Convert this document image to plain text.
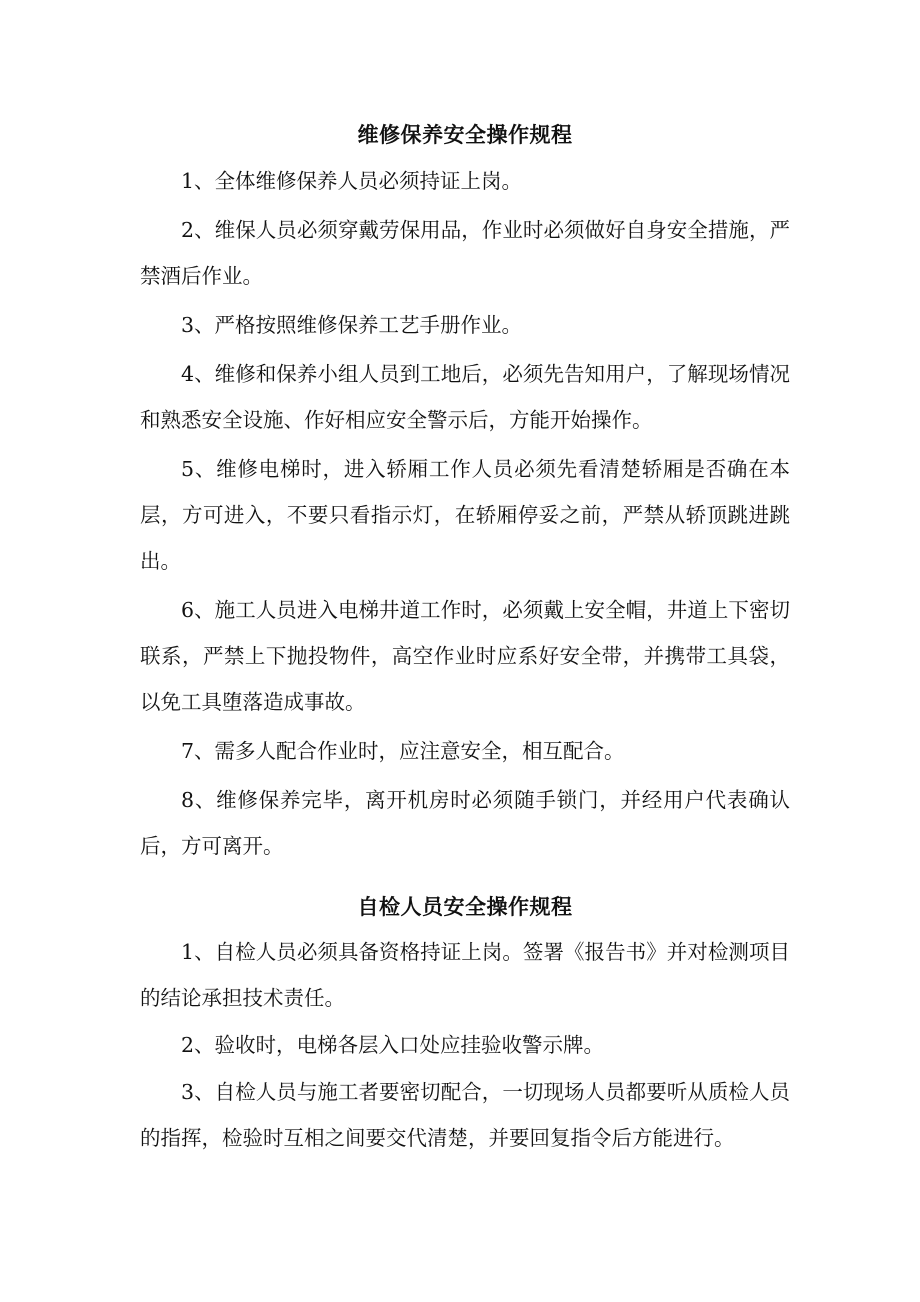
维修保养安全操作规程

1、全体维修保养人员必须持证上岗。

2、维保人员必须穿戴劳保用品，作业时必须做好自身安全措施，严禁酒后作业。

3、严格按照维修保养工艺手册作业。

4、维修和保养小组人员到工地后，必须先告知用户，了解现场情况和熟悉安全设施、作好相应安全警示后，方能开始操作。

5、维修电梯时，进入轿厢工作人员必须先看清楚轿厢是否确在本层，方可进入，不要只看指示灯，在轿厢停妥之前，严禁从轿顶跳进跳出。

6、施工人员进入电梯井道工作时，必须戴上安全帽，井道上下密切联系，严禁上下抛投物件，高空作业时应系好安全带，并携带工具袋，以免工具堕落造成事故。

7、需多人配合作业时，应注意安全，相互配合。

8、维修保养完毕，离开机房时必须随手锁门，并经用户代表确认后，方可离开。

自检人员安全操作规程

1、自检人员必须具备资格持证上岗。签署《报告书》并对检测项目的结论承担技术责任。

2、验收时，电梯各层入口处应挂验收警示牌。

3、自检人员与施工者要密切配合，一切现场人员都要听从质检人员的指挥，检验时互相之间要交代清楚，并要回复指令后方能进行。
